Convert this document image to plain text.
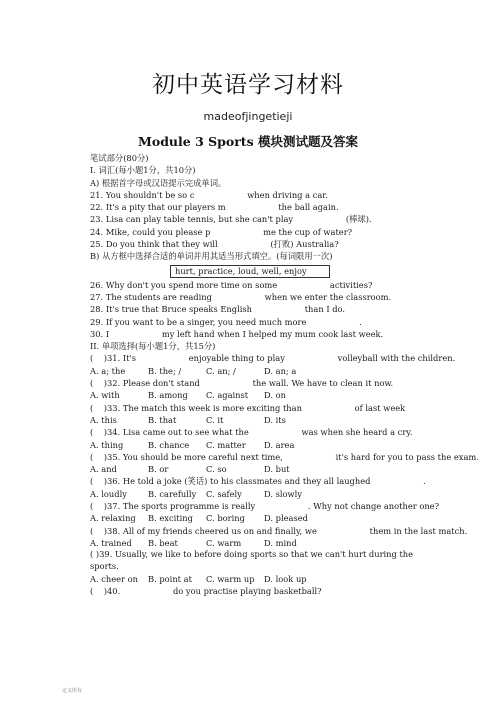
初中英语学习材料
madeofjingetieji
Module 3 Sports 模块测试题及答案
笔试部分(80分)
I. 词汇(每小题1分，共10分)
A) 根据首字母或汉语提示完成单词。
21. You shouldn't be so c                    when driving a car.
22. It's a pity that our players m                    the ball again.
23. Lisa can play table tennis, but she can't play                    (棒球).
24. Mike, could you please p                    me the cup of water?
25. Do you think that they will                    (打败) Australia?
B) 从方框中选择合适的单词并用其适当形式填空。(每词限用一次)
hurt, practice, loud, well, enjoy
26. Why don't you spend more time on some                    activities?
27. The students are reading                    when we enter the classroom.
28. It's true that Bruce speaks English                    than I do.
29. If you want to be a singer, you need much more                    .
30. I                    my left hand when I helped my mum cook last week.
II. 单项选择(每小题1分，共15分)
(    )31. It's                    enjoyable thing to play                    volleyball with the children.
A. a; the	B. the; /	C. an; /	D. an; a
(    )32. Please don't stand                    the wall. We have to clean it now.
A. with	B. among	C. against	D. on
(    )33. The match this week is more exciting than                    of last week
A. this	B. that	C. it	D. its
(    )34. Lisa came out to see what the                    was when she heard a cry.
A. thing	B. chance	C. matter	D. area
(    )35. You should be more careful next time,                    it's hard for you to pass the exam.
A. and	B. or	C. so	D. but
(    )36. He told a joke (笑话) to his classmates and they all laughed                    .
A. loudly	B. carefully	C. safely	D. slowly
(    )37. The sports programme is really                    . Why not change another one?
A. relaxing	B. exciting	C. boring	D. pleased
(    )38. All of my friends cheered us on and finally, we                    them in the last match.
A. trained	B. beat	C. warm	D. mind
( )39. Usually, we like to before doing sports so that we can't hurt during the sports.
A. cheer on	B. point at	C. warm up	D. look up
(    )40.                    do you practise playing basketball?
定义所有
